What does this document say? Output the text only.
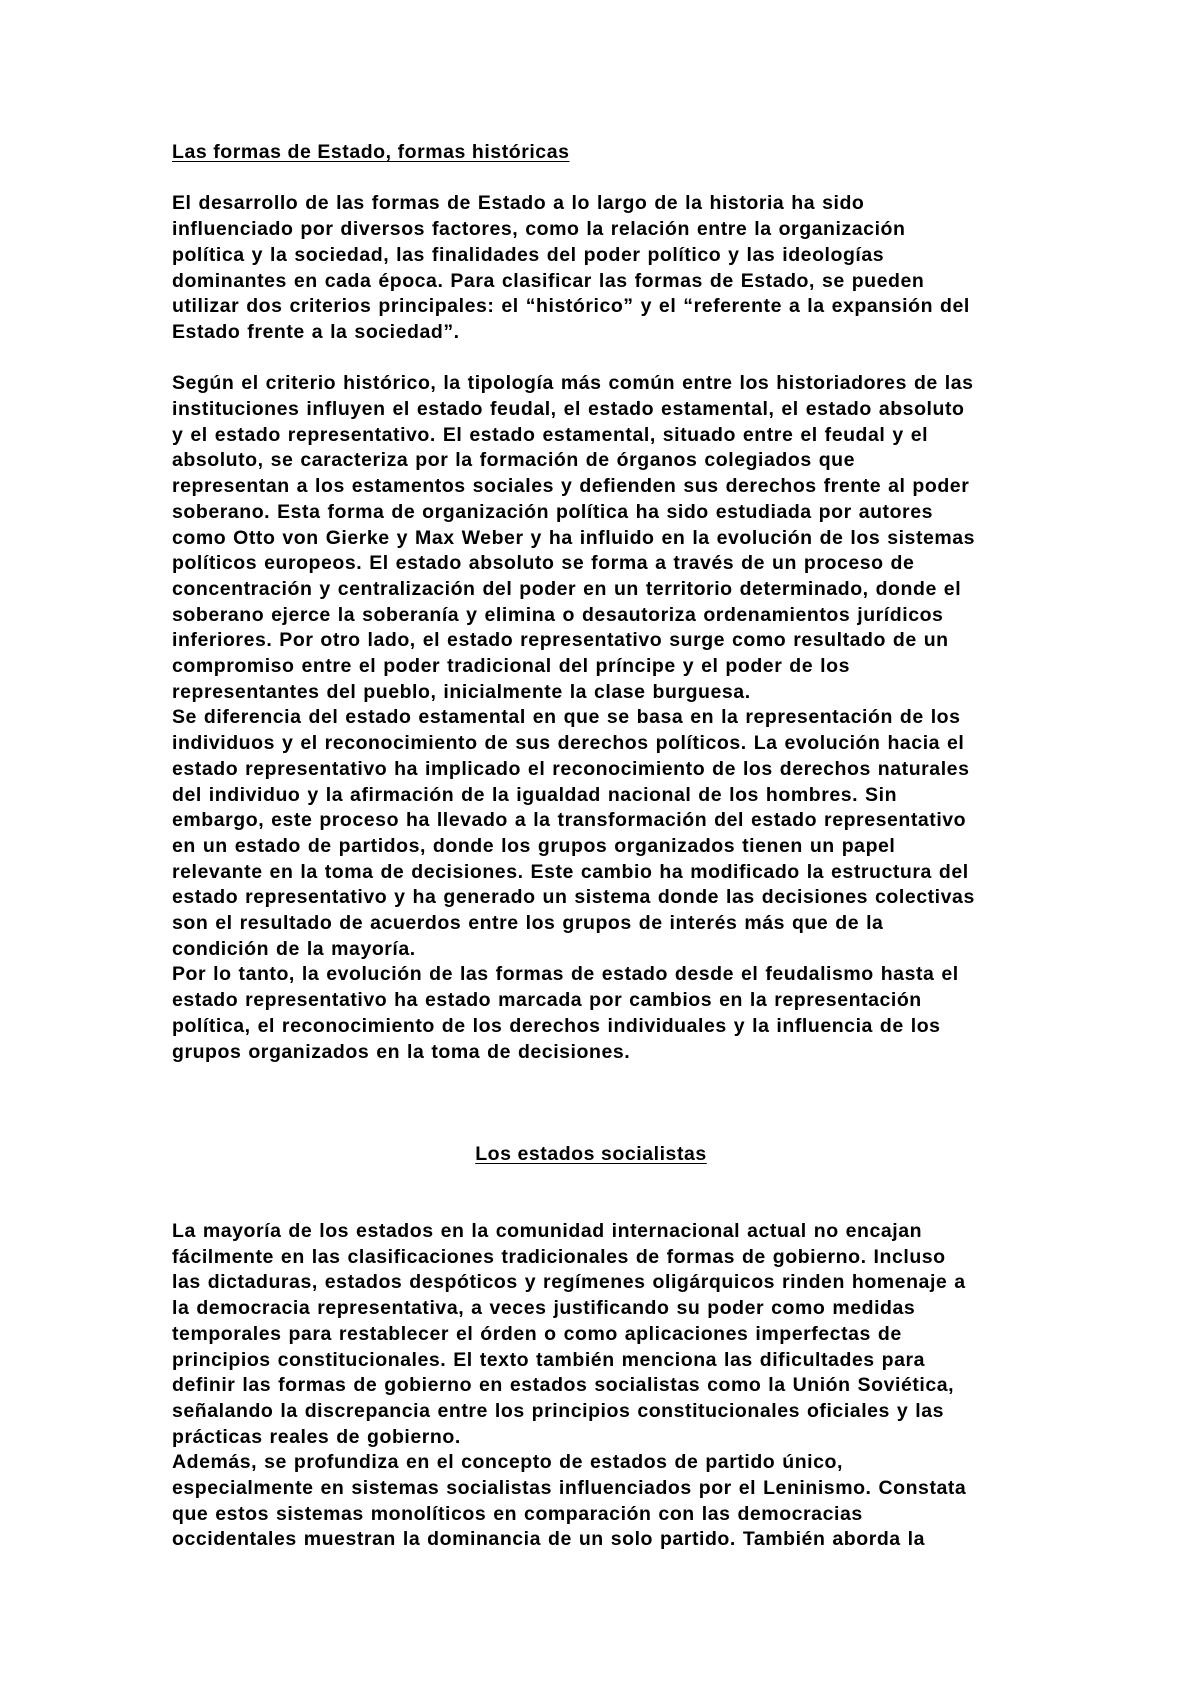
Las formas de Estado, formas históricas

El desarrollo de las formas de Estado a lo largo de la historia ha sido
influenciado por diversos factores, como la relación entre la organización
política y la sociedad, las finalidades del poder político y las ideologías
dominantes en cada época. Para clasificar las formas de Estado, se pueden
utilizar dos criterios principales: el “histórico” y el “referente a la expansión del
Estado frente a la sociedad”.

Según el criterio histórico, la tipología más común entre los historiadores de las
instituciones influyen el estado feudal, el estado estamental, el estado absoluto
y el estado representativo. El estado estamental, situado entre el feudal y el
absoluto, se caracteriza por la formación de órganos colegiados que
representan a los estamentos sociales y defienden sus derechos frente al poder
soberano. Esta forma de organización política ha sido estudiada por autores
como Otto von Gierke y Max Weber y ha influido en la evolución de los sistemas
políticos europeos. El estado absoluto se forma a través de un proceso de
concentración y centralización del poder en un territorio determinado, donde el
soberano ejerce la soberanía y elimina o desautoriza ordenamientos jurídicos
inferiores. Por otro lado, el estado representativo surge como resultado de un
compromiso entre el poder tradicional del príncipe y el poder de los
representantes del pueblo, inicialmente la clase burguesa.
Se diferencia del estado estamental en que se basa en la representación de los
individuos y el reconocimiento de sus derechos políticos. La evolución hacia el
estado representativo ha implicado el reconocimiento de los derechos naturales
del individuo y la afirmación de la igualdad nacional de los hombres. Sin
embargo, este proceso ha llevado a la transformación del estado representativo
en un estado de partidos, donde los grupos organizados tienen un papel
relevante en la toma de decisiones. Este cambio ha modificado la estructura del
estado representativo y ha generado un sistema donde las decisiones colectivas
son el resultado de acuerdos entre los grupos de interés más que de la
condición de la mayoría.
Por lo tanto, la evolución de las formas de estado desde el feudalismo hasta el
estado representativo ha estado marcada por cambios en la representación
política, el reconocimiento de los derechos individuales y la influencia de los
grupos organizados en la toma de decisiones.

Los estados socialistas

La mayoría de los estados en la comunidad internacional actual no encajan
fácilmente en las clasificaciones tradicionales de formas de gobierno. Incluso
las dictaduras, estados despóticos y regímenes oligárquicos rinden homenaje a
la democracia representativa, a veces justificando su poder como medidas
temporales para restablecer el órden o como aplicaciones imperfectas de
principios constitucionales. El texto también menciona las dificultades para
definir las formas de gobierno en estados socialistas como la Unión Soviética,
señalando la discrepancia entre los principios constitucionales oficiales y las
prácticas reales de gobierno.
Además, se profundiza en el concepto de estados de partido único,
especialmente en sistemas socialistas influenciados por el Leninismo. Constata
que estos sistemas monolíticos en comparación con las democracias
occidentales muestran la dominancia de un solo partido. También aborda la
